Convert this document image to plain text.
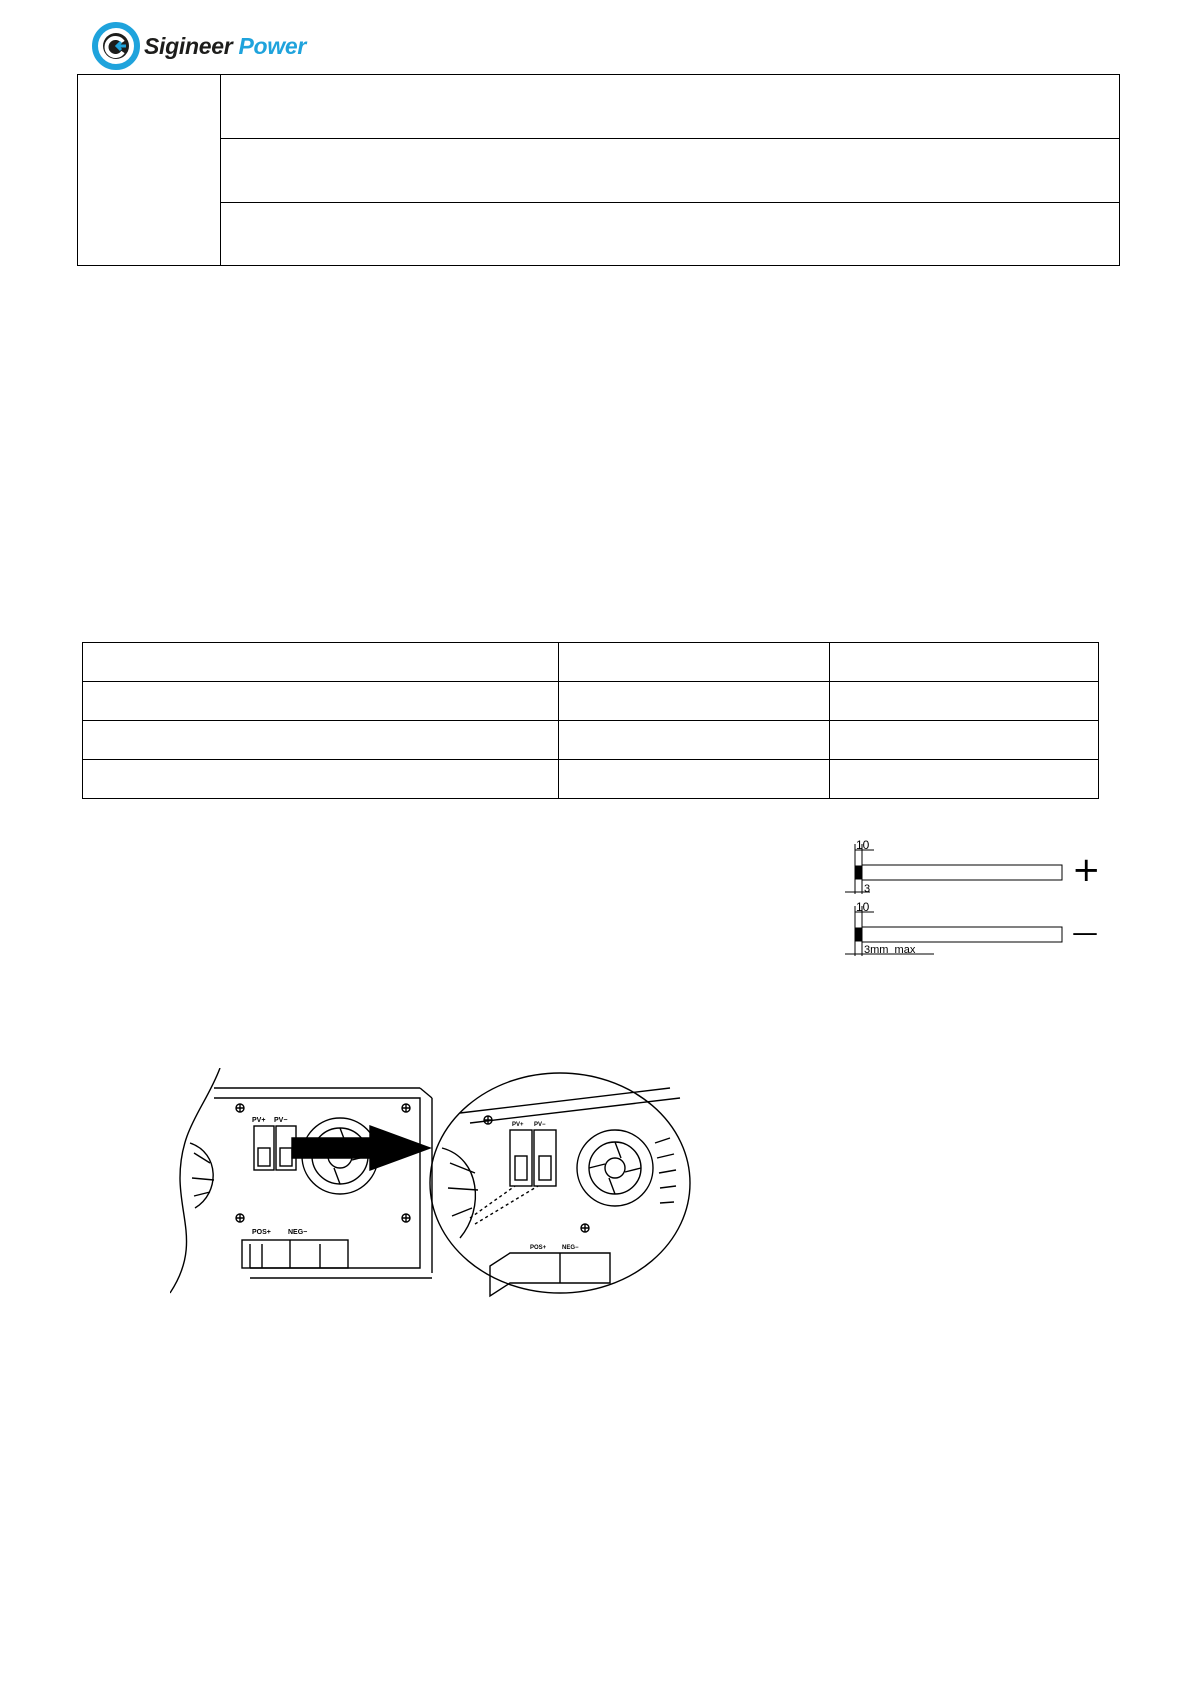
Sigineer Power
10
3	+
10
3mm  max
—
PV+ PV−
POS+ NEG−
PV+ PV−
POS+	NEG−
